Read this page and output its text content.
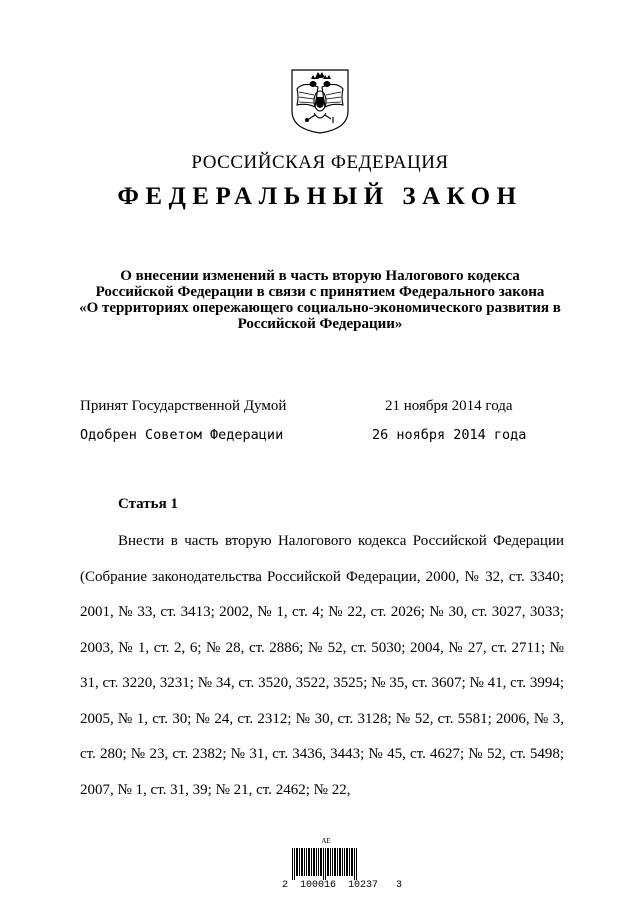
РОССИЙСКАЯ ФЕДЕРАЦИЯ
ФЕДЕРАЛЬНЫЙ ЗАКОН
О внесении изменений в часть вторую Налогового кодекса
Российской Федерации в связи с принятием Федерального закона
«О территориях опережающего социально-экономического развития в
Российской Федерации»
Принят Государственной Думой	21 ноября 2014 года
Одобрен Советом Федерации	26 ноября 2014 года
Статья 1
Внести в часть вторую Налогового кодекса Российской Федерации (Собрание законодательства Российской Федерации, 2000, № 32, ст. 3340; 2001, № 33, ст. 3413; 2002, № 1, ст. 4; № 22, ст. 2026; № 30, ст. 3027, 3033; 2003, № 1, ст. 2, 6; № 28, ст. 2886; № 52, ст. 5030; 2004, № 27, ст. 2711; № 31, ст. 3220, 3231; № 34, ст. 3520, 3522, 3525; № 35, ст. 3607; № 41, ст. 3994; 2005, № 1, ст. 30; № 24, ст. 2312; № 30, ст. 3128; № 52, ст. 5581; 2006, № 3, ст. 280; № 23, ст. 2382; № 31, ст. 3436, 3443; № 45, ст. 4627; № 52, ст. 5498; 2007, № 1, ст. 31, 39; № 21, ст. 2462; № 22,
АЕ
2  100016  10237   3
